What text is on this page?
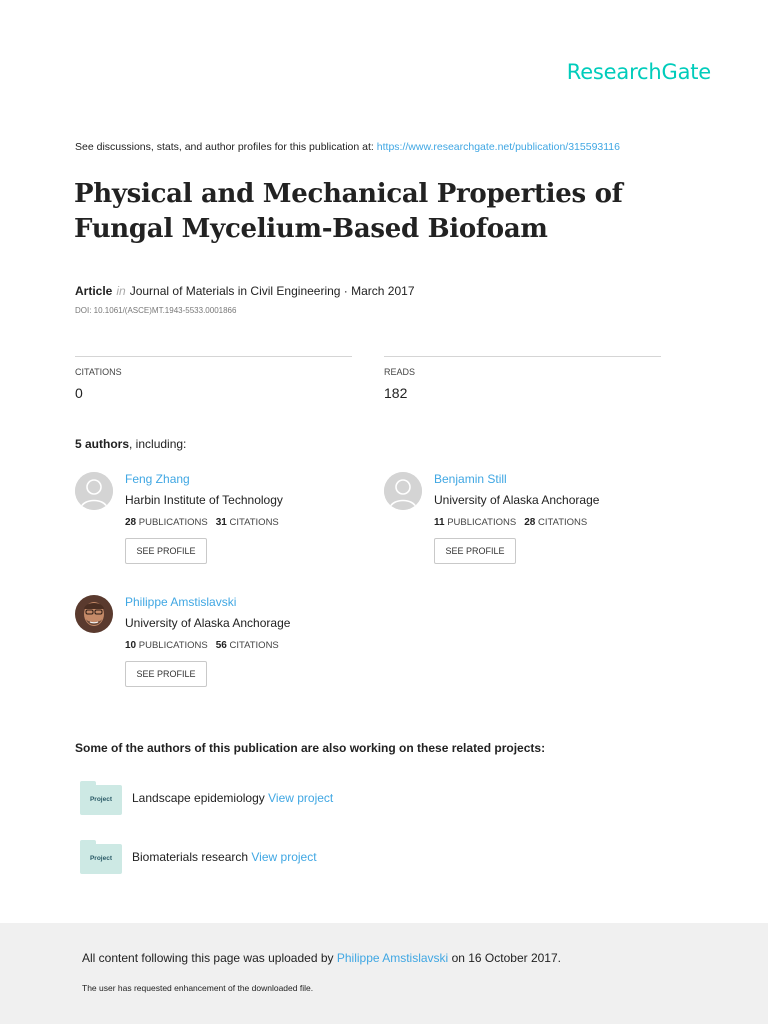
ResearchGate
See discussions, stats, and author profiles for this publication at: https://www.researchgate.net/publication/315593116
Physical and Mechanical Properties of Fungal Mycelium-Based Biofoam
Article in Journal of Materials in Civil Engineering · March 2017
DOI: 10.1061/(ASCE)MT.1943-5533.0001866
CITATIONS
0
READS
182
5 authors, including:
Feng Zhang
Harbin Institute of Technology
28 PUBLICATIONS 31 CITATIONS
SEE PROFILE
Benjamin Still
University of Alaska Anchorage
11 PUBLICATIONS 28 CITATIONS
SEE PROFILE
Philippe Amstislavski
University of Alaska Anchorage
10 PUBLICATIONS 56 CITATIONS
SEE PROFILE
Some of the authors of this publication are also working on these related projects:
Project	Landscape epidemiology View project
Project	Biomaterials research View project
All content following this page was uploaded by Philippe Amstislavski on 16 October 2017.
The user has requested enhancement of the downloaded file.
